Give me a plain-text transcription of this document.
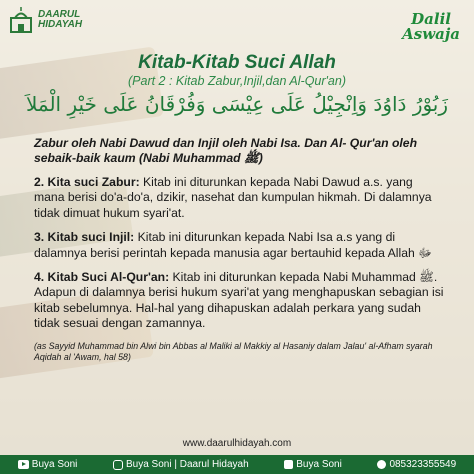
DAARUL
HIDAYAH	Dalil
Aswaja
Kitab-Kitab Suci Allah
(Part 2 : Kitab Zabur,Injil,dan Al-Qur'an)
زَبُوْرُ دَاوُدَ وَاِنْجِيْلُ عَلَى عِيْسَى وَفُرْقَانُ عَلَى خَيْرِ الْمَلاَ

Zabur oleh Nabi Dawud dan Injil oleh Nabi Isa. Dan Al- Qur'an oleh sebaik-baik kaum (Nabi Muhammad ﷺ)

2. Kita suci Zabur: Kitab ini diturunkan kepada Nabi Dawud a.s. yang mana berisi do'a-do'a, dzikir, nasehat dan kumpulan hikmah. Di dalamnya tidak dimuat hukum syari'at.

3. Kitab suci Injil: Kitab ini diturunkan kepada Nabi Isa a.s yang di dalamnya berisi perintah kepada manusia agar bertauhid kepada Allah ﷻ

4. Kitab Suci Al-Qur'an: Kitab ini diturunkan kepada Nabi Muhammad ﷺ. Adapun di dalamnya berisi hukum syari'at yang menghapuskan sebagian isi kitab sebelumnya. Hal-hal yang dihapuskan adalah perkara yang sudah tidak sesuai dengan zamannya.

(as Sayyid Muhammad bin Alwi bin Abbas al Maliki al Makkiy al Hasaniy dalam Jalau' al-Afham syarah Aqidah al 'Awam, hal 58)
www.daarulhidayah.com
Buya Soni	Buya Soni | Daarul Hidayah	Buya Soni	085323355549
